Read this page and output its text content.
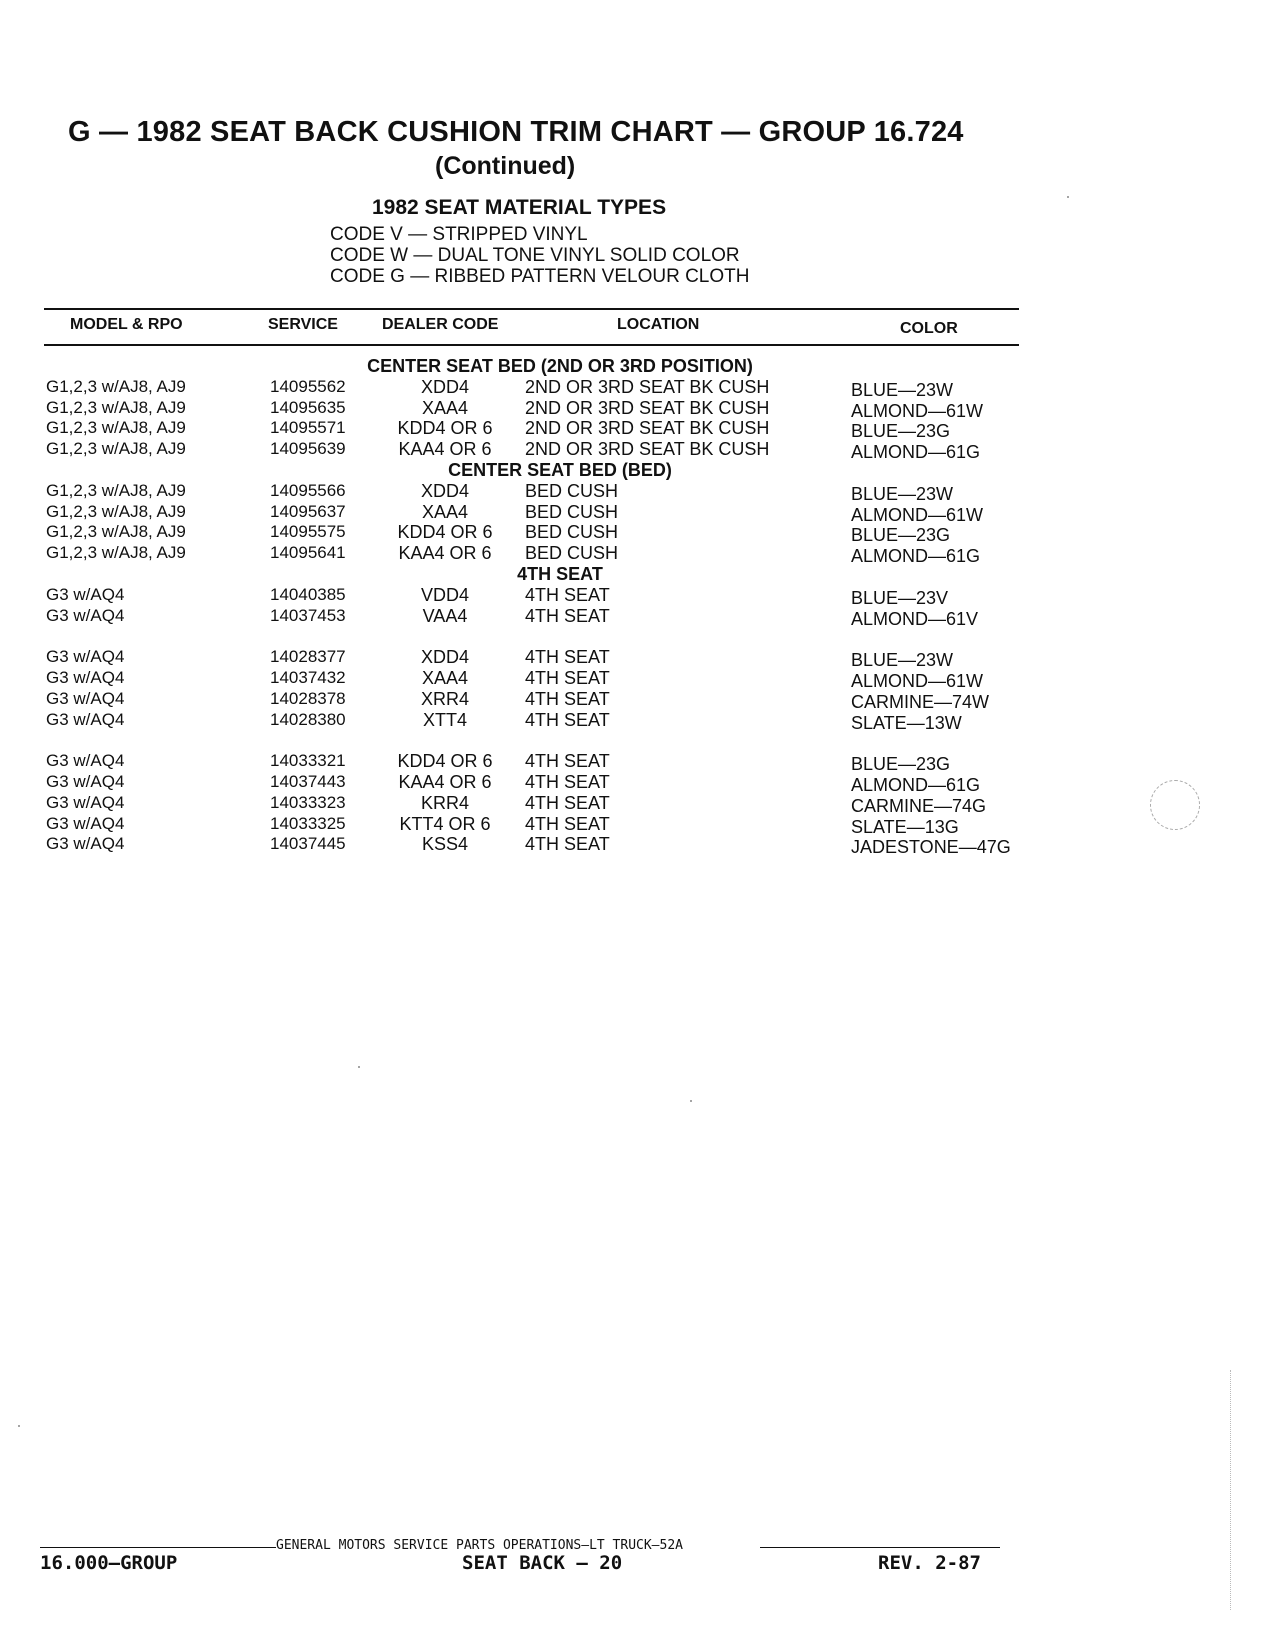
G — 1982 SEAT BACK CUSHION TRIM CHART — GROUP 16.724
(Continued)
1982 SEAT MATERIAL TYPES
CODE V — STRIPPED VINYL
CODE W — DUAL TONE VINYL SOLID COLOR
CODE G — RIBBED PATTERN VELOUR CLOTH
MODEL & RPO	SERVICE	DEALER CODE	LOCATION	COLOR
CENTER SEAT BED (2ND OR 3RD POSITION)
G1,2,3 w/AJ8, AJ9	14095562	XDD4	2ND OR 3RD SEAT BK CUSH	BLUE—23W
G1,2,3 w/AJ8, AJ9	14095635	XAA4	2ND OR 3RD SEAT BK CUSH	ALMOND—61W
G1,2,3 w/AJ8, AJ9	14095571	KDD4 OR 6	2ND OR 3RD SEAT BK CUSH	BLUE—23G
G1,2,3 w/AJ8, AJ9	14095639	KAA4 OR 6	2ND OR 3RD SEAT BK CUSH	ALMOND—61G
CENTER SEAT BED (BED)
G1,2,3 w/AJ8, AJ9	14095566	XDD4	BED CUSH	BLUE—23W
G1,2,3 w/AJ8, AJ9	14095637	XAA4	BED CUSH	ALMOND—61W
G1,2,3 w/AJ8, AJ9	14095575	KDD4 OR 6	BED CUSH	BLUE—23G
G1,2,3 w/AJ8, AJ9	14095641	KAA4 OR 6	BED CUSH	ALMOND—61G
4TH SEAT
G3 w/AQ4	14040385	VDD4	4TH SEAT	BLUE—23V
G3 w/AQ4	14037453	VAA4	4TH SEAT	ALMOND—61V
G3 w/AQ4	14028377	XDD4	4TH SEAT	BLUE—23W
G3 w/AQ4	14037432	XAA4	4TH SEAT	ALMOND—61W
G3 w/AQ4	14028378	XRR4	4TH SEAT	CARMINE—74W
G3 w/AQ4	14028380	XTT4	4TH SEAT	SLATE—13W
G3 w/AQ4	14033321	KDD4 OR 6	4TH SEAT	BLUE—23G
G3 w/AQ4	14037443	KAA4 OR 6	4TH SEAT	ALMOND—61G
G3 w/AQ4	14033323	KRR4	4TH SEAT	CARMINE—74G
G3 w/AQ4	14033325	KTT4 OR 6	4TH SEAT	SLATE—13G
G3 w/AQ4	14037445	KSS4	4TH SEAT	JADESTONE—47G
GENERAL MOTORS SERVICE PARTS OPERATIONS—LT TRUCK—52A
16.000—GROUP	SEAT BACK – 20	REV. 2-87
